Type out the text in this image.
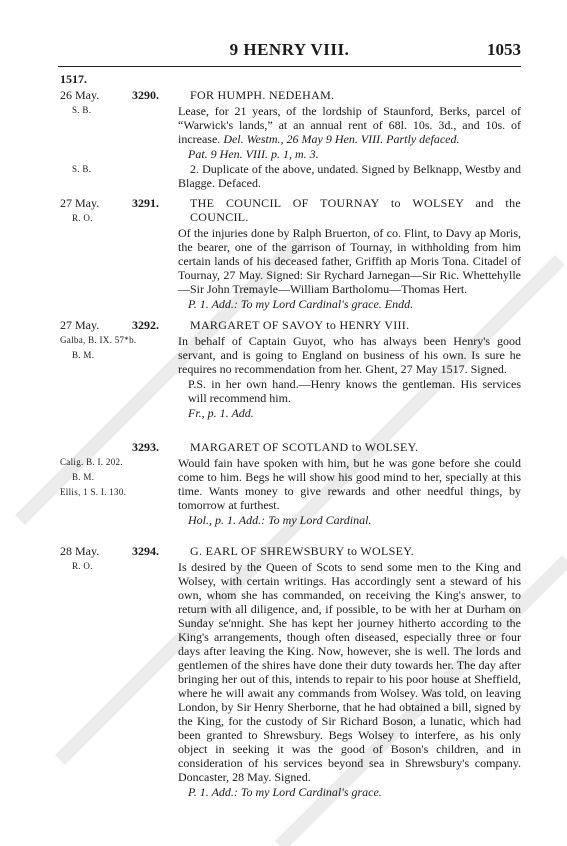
9 HENRY VIII.	1053
1517.
26 May.	3290.
S. B.
FOR HUMPH. NEDEHAM.

Lease, for 21 years, of the lordship of Staunford, Berks, parcel of “Warwick's lands,” at an annual rent of 68l. 10s. 3d., and 10s. of increase. Del. Westm., 26 May 9 Hen. VIII. Partly defaced.

Pat. 9 Hen. VIII. p. 1, m. 3.
S. B.	2. Duplicate of the above, undated. Signed by Belknapp, Westby and Blagge. Defaced.

27 May.	3291.
R. O.
THE COUNCIL OF TOURNAY to WOLSEY and the COUNCIL.

Of the injuries done by Ralph Bruerton, of co. Flint, to Davy ap Moris, the bearer, one of the garrison of Tournay, in withholding from him certain lands of his deceased father, Griffith ap Moris Tona. Citadel of Tournay, 27 May. Signed: Sir Rychard Jarnegan—Sir Ric. Whettehylle—Sir John Tremayle—William Bartholomu—Thomas Hert.

P. 1. Add.: To my Lord Cardinal's grace. Endd.
27 May.	3292.
Galba, B. IX. 57*b.
B. M.
MARGARET OF SAVOY to HENRY VIII.

In behalf of Captain Guyot, who has always been Henry's good servant, and is going to England on business of his own. Is sure he requires no recommendation from her. Ghent, 27 May 1517. Signed.

P.S. in her own hand.—Henry knows the gentleman. His services will recommend him.
Fr., p. 1. Add.
3293.
Calig. B. I. 202.
B. M.
Ellis, 1 S. I. 130.
MARGARET OF SCOTLAND to WOLSEY.

Would fain have spoken with him, but he was gone before she could come to him. Begs he will show his good mind to her, specially at this time. Wants money to give rewards and other needful things, by tomorrow at furthest.

Hol., p. 1. Add.: To my Lord Cardinal.
28 May.	3294.
R. O.
G. EARL OF SHREWSBURY to WOLSEY.

Is desired by the Queen of Scots to send some men to the King and Wolsey, with certain writings. Has accordingly sent a steward of his own, whom she has commanded, on receiving the King's answer, to return with all diligence, and, if possible, to be with her at Durham on Sunday se'nnight. She has kept her journey hitherto according to the King's arrangements, though often diseased, especially three or four days after leaving the King. Now, however, she is well. The lords and gentlemen of the shires have done their duty towards her. The day after bringing her out of this, intends to repair to his poor house at Sheffield, where he will await any commands from Wolsey. Was told, on leaving London, by Sir Henry Sherborne, that he had obtained a bill, signed by the King, for the custody of Sir Richard Boson, a lunatic, which had been granted to Shrewsbury. Begs Wolsey to interfere, as his only object in seeking it was the good of Boson's children, and in consideration of his services beyond sea in Shrewsbury's company. Doncaster, 28 May. Signed.

P. 1. Add.: To my Lord Cardinal's grace.
